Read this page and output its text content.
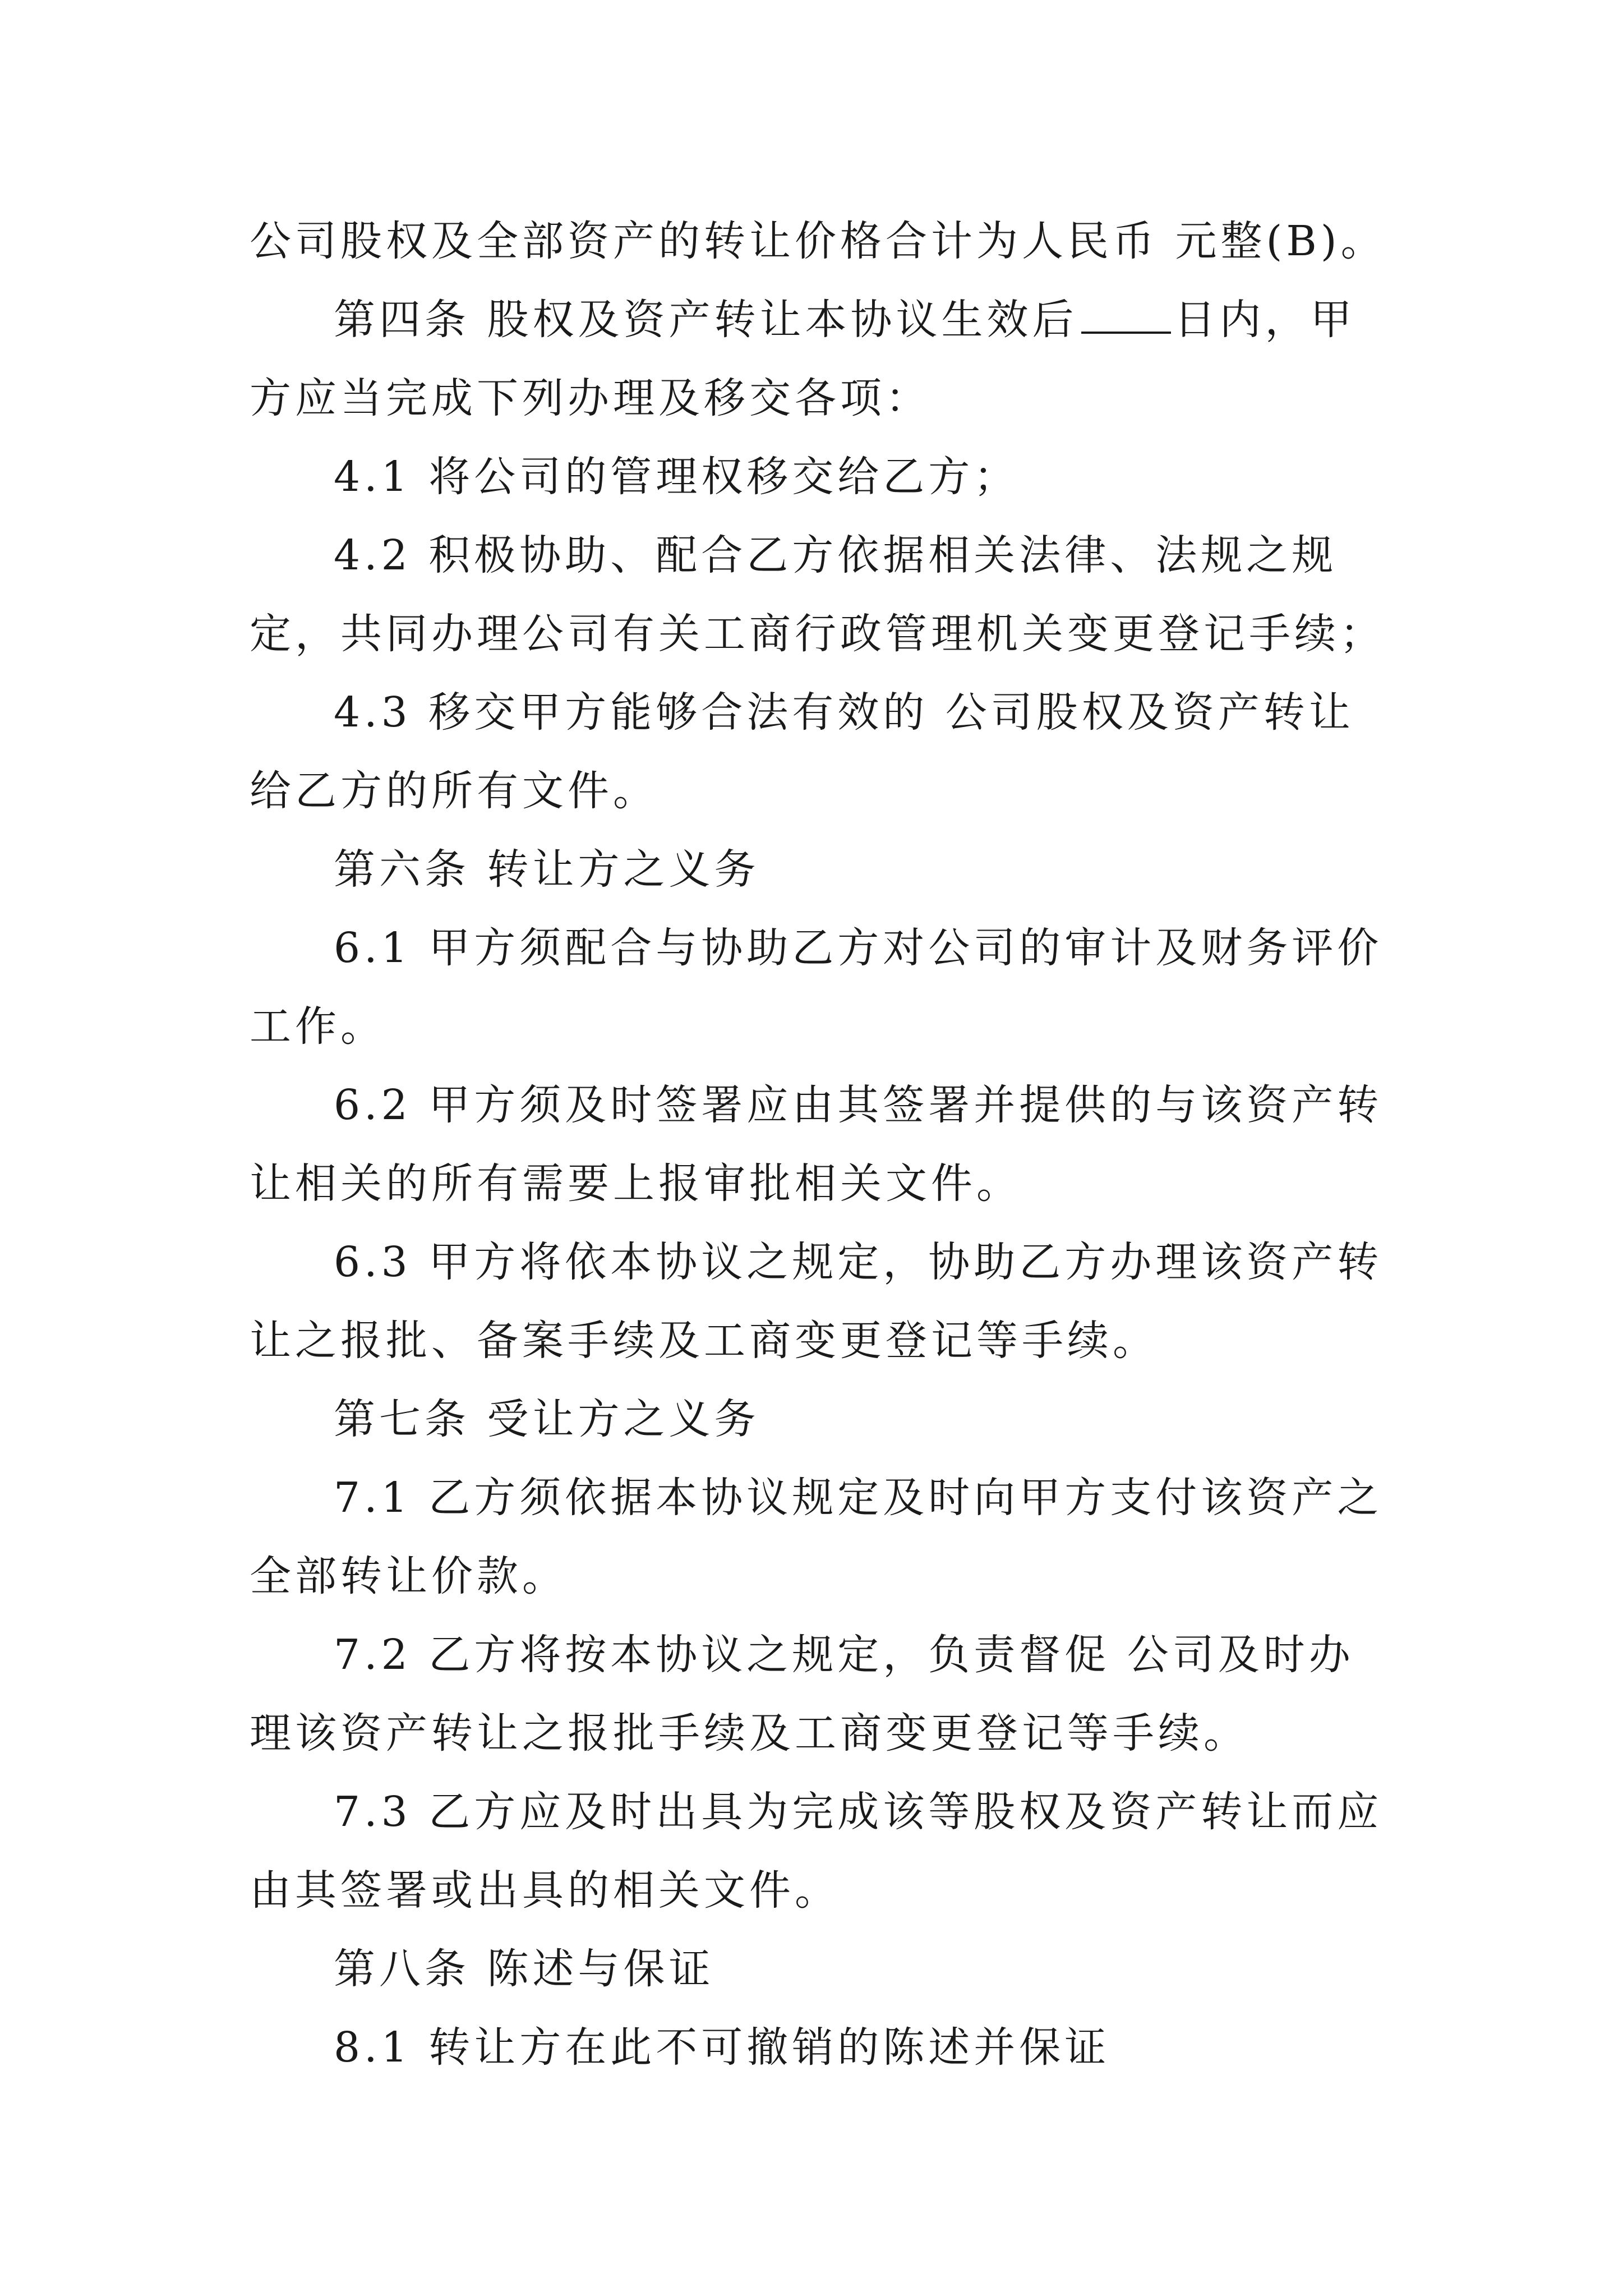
公司股权及全部资产的转让价格合计为人民币 元整(B)。

第四条 股权及资产转让本协议生效后 日内，甲方应当完成下列办理及移交各项：

4.1 将公司的管理权移交给乙方；

4.2 积极协助、配合乙方依据相关法律、法规之规定，共同办理公司有关工商行政管理机关变更登记手续；

4.3 移交甲方能够合法有效的 公司股权及资产转让给乙方的所有文件。

第六条 转让方之义务

6.1 甲方须配合与协助乙方对公司的审计及财务评价工作。

6.2 甲方须及时签署应由其签署并提供的与该资产转让相关的所有需要上报审批相关文件。

6.3 甲方将依本协议之规定，协助乙方办理该资产转让之报批、备案手续及工商变更登记等手续。

第七条 受让方之义务

7.1 乙方须依据本协议规定及时向甲方支付该资产之全部转让价款。

7.2 乙方将按本协议之规定，负责督促 公司及时办理该资产转让之报批手续及工商变更登记等手续。

7.3 乙方应及时出具为完成该等股权及资产转让而应由其签署或出具的相关文件。

第八条 陈述与保证

8.1 转让方在此不可撤销的陈述并保证
